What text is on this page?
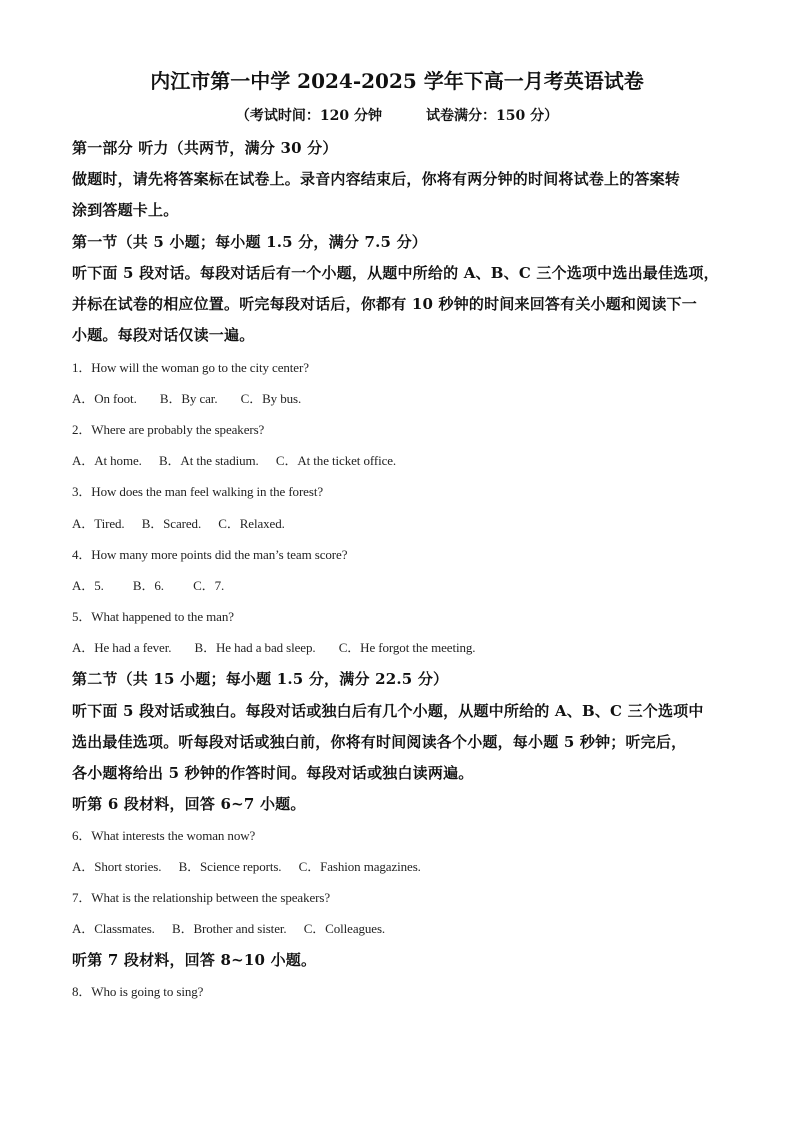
内江市第一中学 2024-2025 学年下高一月考英语试卷
（考试时间：120 分钟	试卷满分：150 分）
第一部分 听力（共两节，满分 30 分）
做题时，请先将答案标在试卷上。录音内容结束后，你将有两分钟的时间将试卷上的答案转
涂到答题卡上。
第一节（共 5 小题；每小题 1.5 分，满分 7.5 分）
听下面 5 段对话。每段对话后有一个小题，从题中所给的 A、B、C 三个选项中选出最佳选项，
并标在试卷的相应位置。听完每段对话后，你都有 10 秒钟的时间来回答有关小题和阅读下一
小题。每段对话仅读一遍。
1．How will the woman go to the city center?
A．On foot. B．By car. C．By bus.
2．Where are probably the speakers?
A．At home. B．At the stadium. C．At the ticket office.
3．How does the man feel walking in the forest?
A．Tired. B．Scared. C．Relaxed.
4．How many more points did the man’s team score?
A．5. B．6. C．7.
5．What happened to the man?
A．He had a fever. B．He had a bad sleep. C．He forgot the meeting.
第二节（共 15 小题；每小题 1.5 分，满分 22.5 分）
听下面 5 段对话或独白。每段对话或独白后有几个小题，从题中所给的 A、B、C 三个选项中
选出最佳选项。听每段对话或独白前，你将有时间阅读各个小题，每小题 5 秒钟；听完后，
各小题将给出 5 秒钟的作答时间。每段对话或独白读两遍。
听第 6 段材料，回答 6~7 小题。
6．What interests the woman now?
A．Short stories. B．Science reports. C．Fashion magazines.
7．What is the relationship between the speakers?
A．Classmates. B．Brother and sister. C．Colleagues.
听第 7 段材料，回答 8~10 小题。
8．Who is going to sing?
